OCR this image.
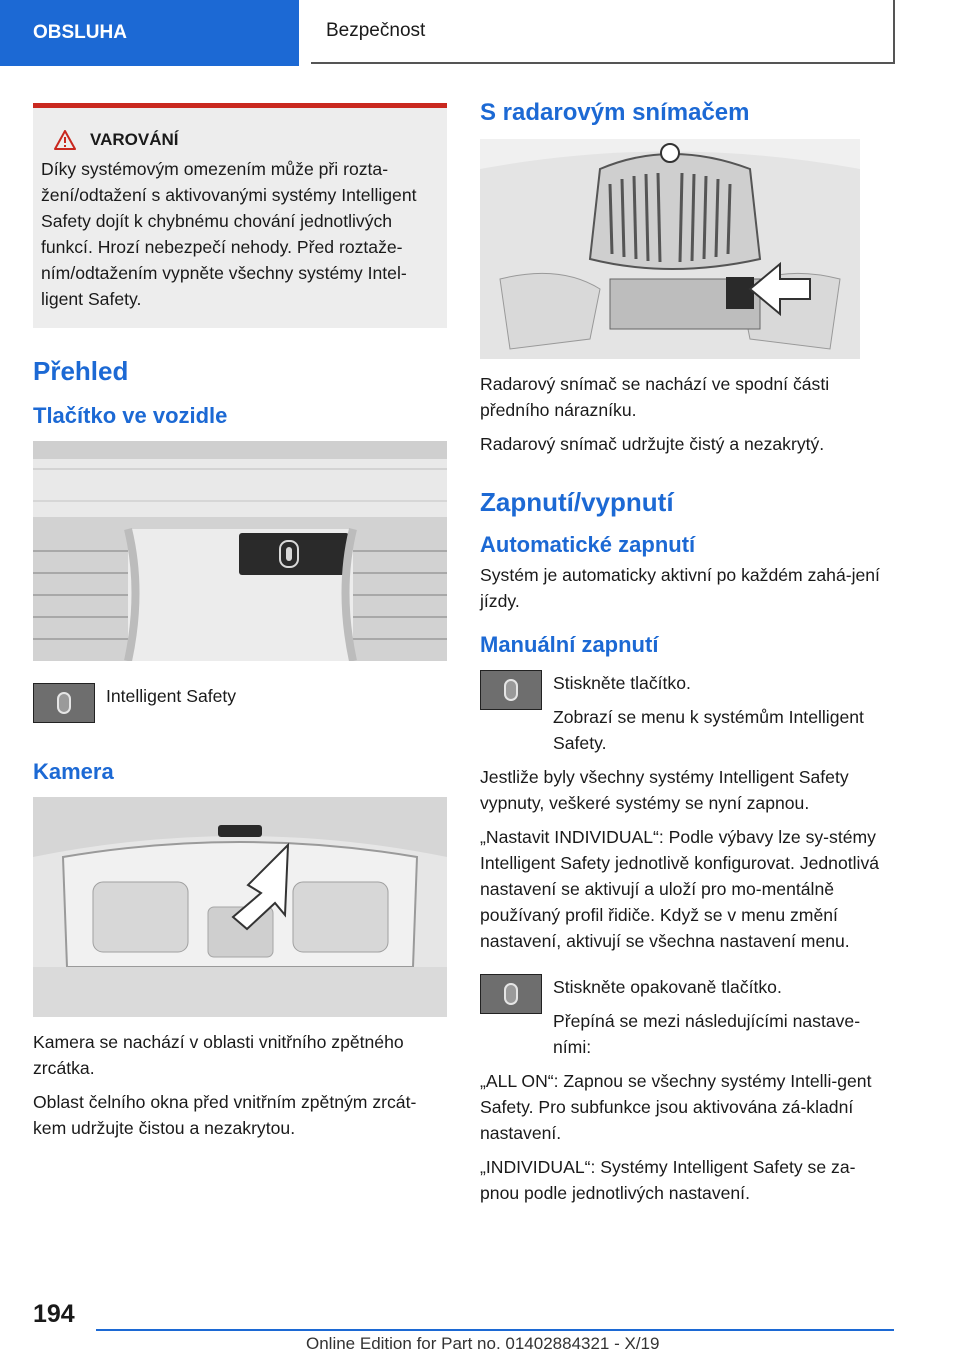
OBSLUHA	Bezpečnost
VAROVÁNÍ

Díky systémovým omezením může při rozta-

žení/odtažení s aktivovanými systémy Intelligent

Safety dojít k chybnému chování jednotlivých

funkcí. Hrozí nebezpečí nehody. Před roztaže-

ním/odtažením vypněte všechny systémy Intel-

ligent Safety.

Přehled
Tlačítko ve vozidle

Intelligent Safety

Kamera

Kamera se nachází v oblasti vnitřního zpětného zrcátka.

Oblast čelního okna před vnitřním zpětným zrcát-kem udržujte čistou a nezakrytou.

S radarovým snímačem

Radarový snímač se nachází ve spodní části předního nárazníku.

Radarový snímač udržujte čistý a nezakrytý.

Zapnutí/vypnutí
Automatické zapnutí

Systém je automaticky aktivní po každém zahá-jení jízdy.

Manuální zapnutí

Stiskněte tlačítko.

Zobrazí se menu k systémům Intelligent Safety.

Jestliže byly všechny systémy Intelligent Safety vypnuty, veškeré systémy se nyní zapnou.

„Nastavit INDIVIDUAL“: Podle výbavy lze sy-stémy Intelligent Safety jednotlivě konfigurovat. Jednotlivá nastavení se aktivují a uloží pro mo-mentálně používaný profil řidiče. Když se v menu změní nastavení, aktivují se všechna nastavení menu.

Stiskněte opakovaně tlačítko.

Přepíná se mezi následujícími nastave-ními:

„ALL ON“: Zapnou se všechny systémy Intelli-gent Safety. Pro subfunkce jsou aktivována zá-kladní nastavení.

„INDIVIDUAL“: Systémy Intelligent Safety se za-pnou podle jednotlivých nastavení.

194
Online Edition for Part no. 01402884321 - X/19
